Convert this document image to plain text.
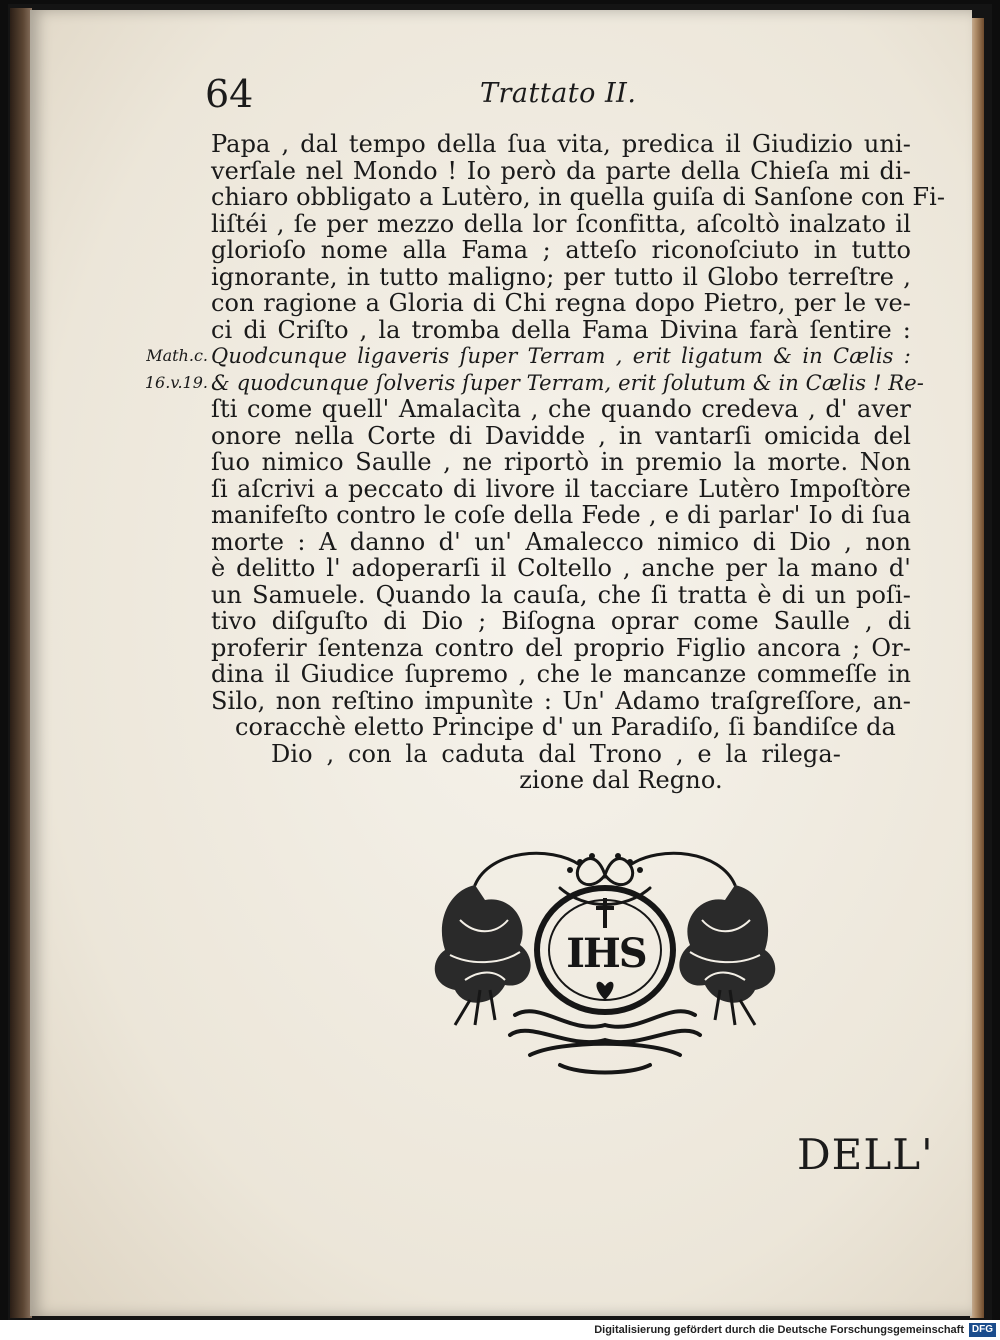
64	Trattato II.
Math.c.
16.v.19.
Papa , dal tempo della ſua vita, predica il Giudizio uni-
verſale nel Mondo ! Io però da parte della Chieſa mi di-
chiaro obbligato a Lutèro, in quella guiſa di Sanſone con Fi-
liſtéi , ſe per mezzo della lor ſconfitta, aſcoltò inalzato il
glorioſo nome alla Fama ; atteſo riconoſciuto in tutto
ignorante, in tutto maligno; per tutto il Globo terreſtre ,
con ragione a Gloria di Chi regna dopo Pietro, per le ve-
ci di Criſto , la tromba della Fama Divina farà ſentire :
Quodcunque ligaveris ſuper Terram , erit ligatum & in Cælis :
& quodcunque ſolveris ſuper Terram, erit ſolutum & in Cælis ! Re-
ſti come quell' Amalacìta , che quando credeva , d' aver
onore nella Corte di Davidde , in vantarſi omicida del
ſuo nimico Saulle , ne riportò in premio la morte. Non
ſi aſcrivi a peccato di livore il tacciare Lutèro Impoſtòre
manifeſto contro le coſe della Fede , e di parlar' Io di ſua
morte : A danno d' un' Amalecco nimico di Dio , non
è delitto l' adoperarſi il Coltello , anche per la mano d'
un Samuele. Quando la cauſa, che ſi tratta è di un poſi-
tivo diſguſto di Dio ; Biſogna oprar come Saulle , di
proferir ſentenza contro del proprio Figlio ancora ; Or-
dina il Giudice ſupremo , che le mancanze commeſſe in
Silo, non reſtino impunìte : Un' Adamo traſgreſſore, an-
coracchè eletto Principe d' un Paradiſo, ſi bandiſce da
Dio , con la caduta dal Trono , e la rilega-
zione dal Regno.
IHS
DELL'
Digitalisierung gefördert durch die Deutsche Forschungsgemeinschaft DFG
